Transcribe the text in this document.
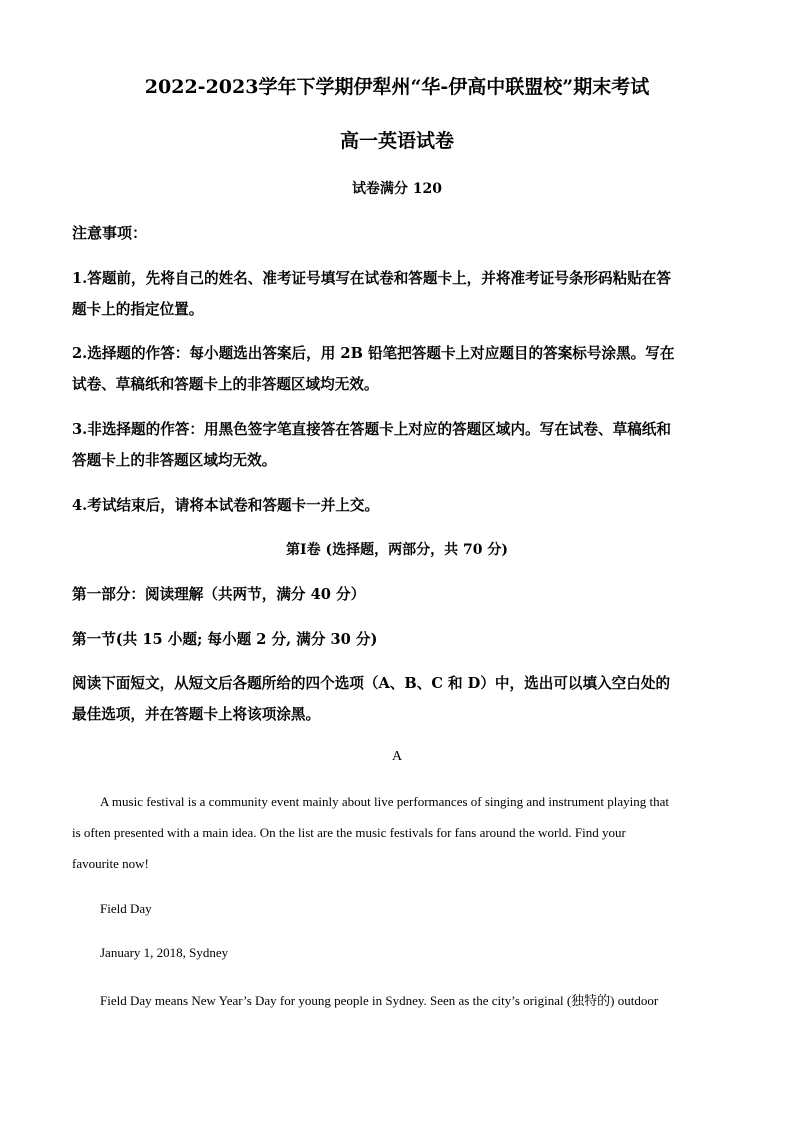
2022-2023学年下学期伊犁州“华-伊高中联盟校”期末考试
高一英语试卷
试卷满分 120
注意事项：
1.答题前，先将自己的姓名、准考证号填写在试卷和答题卡上，并将准考证号条形码粘贴在答
题卡上的指定位置。
2.选择题的作答：每小题选出答案后，用 2B 铅笔把答题卡上对应题目的答案标号涂黑。写在
试卷、草稿纸和答题卡上的非答题区域均无效。
3.非选择题的作答：用黑色签字笔直接答在答题卡上对应的答题区域内。写在试卷、草稿纸和
答题卡上的非答题区域均无效。
4.考试结束后，请将本试卷和答题卡一并上交。
第Ⅰ卷 (选择题，两部分，共 70 分)
第一部分：阅读理解（共两节，满分 40 分）
第一节(共 15 小题; 每小题 2 分, 满分 30 分)
阅读下面短文，从短文后各题所给的四个选项（A、B、C 和 D）中，选出可以填入空白处的
最佳选项，并在答题卡上将该项涂黑。
A
A music festival is a community event mainly about live performances of singing and instrument playing that
is often presented with a main idea. On the list are the music festivals for fans around the world. Find your
favourite now!
Field Day
January 1, 2018, Sydney
Field Day means New Year’s Day for young people in Sydney. Seen as the city’s original (独特的) outdoor
